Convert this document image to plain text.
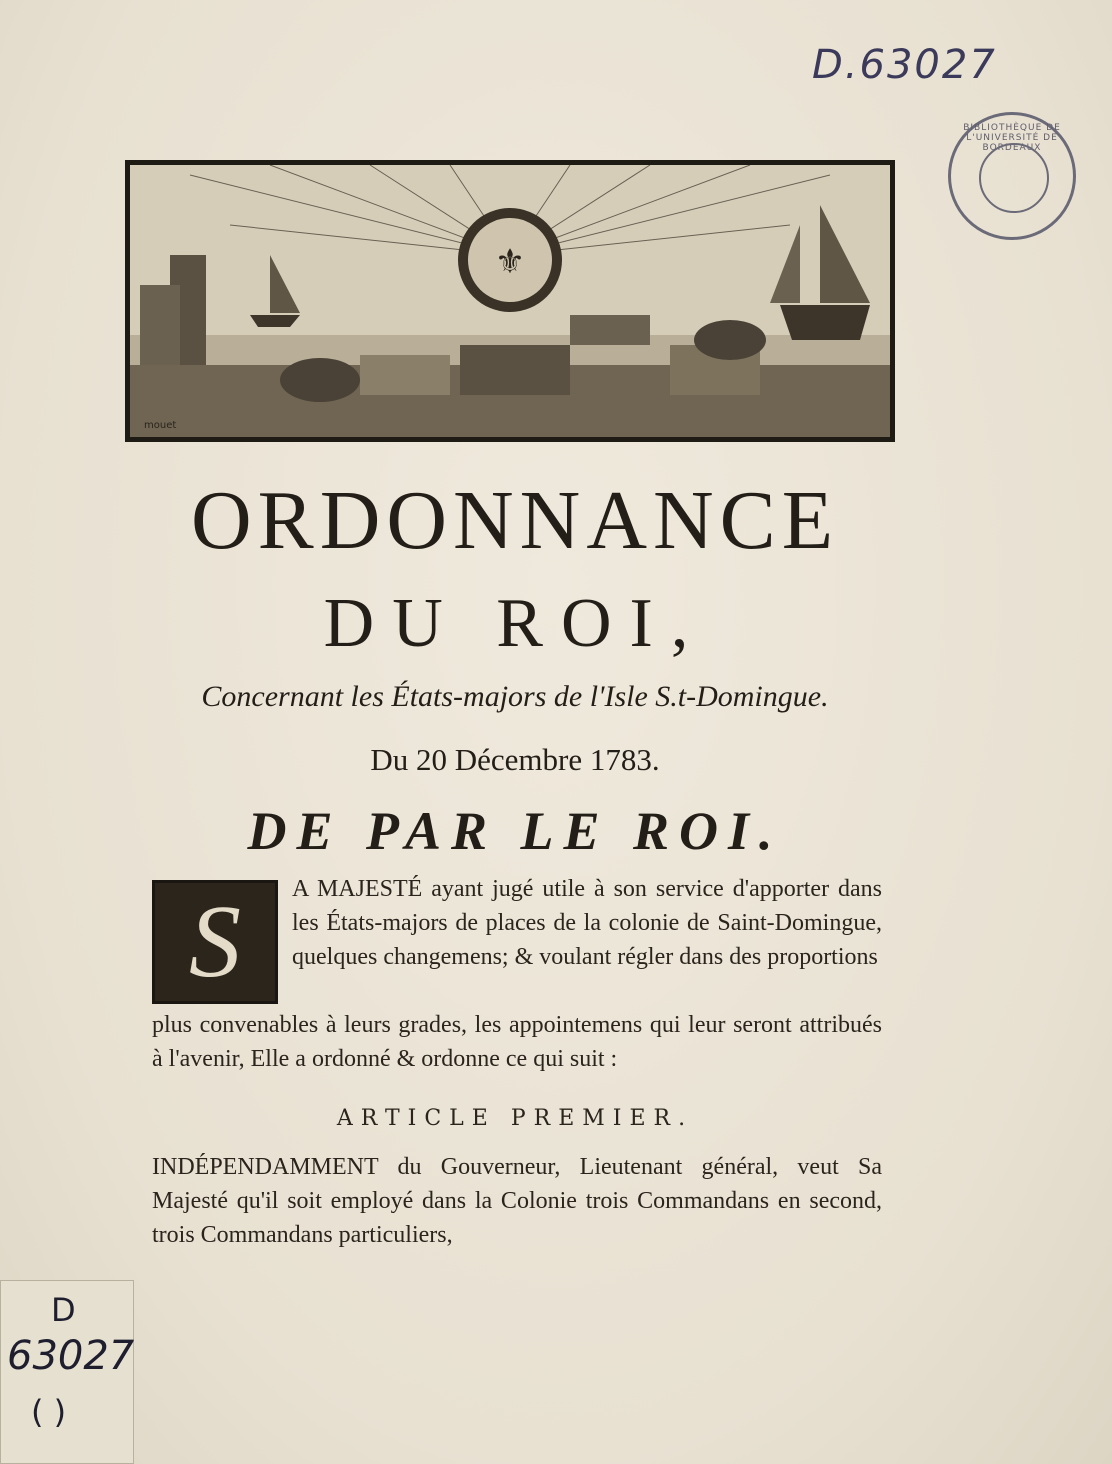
D.63027
BIBLIOTHÈQUE DE L'UNIVERSITÉ DE BORDEAUX
⚜
mouet
ORDONNANCE
DU ROI,
Concernant les États-majors de l'Isle S.t-Domingue.
Du 20 Décembre 1783.
DE PAR LE ROI.
S	A MAJESTÉ ayant jugé utile à son service d'apporter dans les États-majors de places de la colonie de Saint-Domingue, quelques changemens; & voulant régler dans des proportions
plus convenables à leurs grades, les appointemens qui leur seront attribués à l'avenir, Elle a ordonné & ordonne ce qui suit :
ARTICLE PREMIER.
INDÉPENDAMMENT du Gouverneur, Lieutenant général, veut Sa Majesté qu'il soit employé dans la Colonie trois Commandans en second, trois Commandans particuliers,
D
63027
( )
